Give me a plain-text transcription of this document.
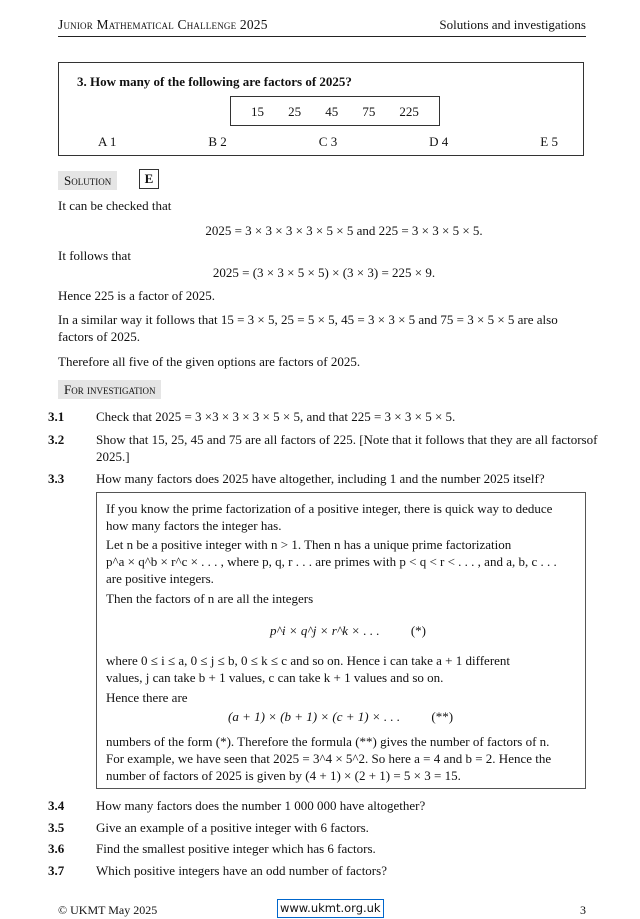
Junior Mathematical Challenge 2025	Solutions and investigations
3. How many of the following are factors of 2025?
15 25 45 75 225
A 1	B 2	C 3	D 4	E 5
Solution	E
It can be checked that
2025 = 3 × 3 × 3 × 3 × 5 × 5 and 225 = 3 × 3 × 5 × 5.
It follows that
2025 = (3 × 3 × 5 × 5) × (3 × 3) = 225 × 9.
Hence 225 is a factor of 2025.
In a similar way it follows that 15 = 3 × 5, 25 = 5 × 5, 45 = 3 × 3 × 5 and 75 = 3 × 5 × 5 are also factors of 2025.
Therefore all five of the given options are factors of 2025.
For investigation
3.1 Check that 2025 = 3 ×3 × 3 × 3 × 5 × 5, and that 225 = 3 × 3 × 5 × 5.
3.2 Show that 15, 25, 45 and 75 are all factors of 225. [Note that it follows that they are all factorsof 2025.]
3.3 How many factors does 2025 have altogether, including 1 and the number 2025 itself?
If you know the prime factorization of a positive integer, there is quick way to deduce how many factors the integer has.
Let n be a positive integer with n > 1. Then n has a unique prime factorization
p^a × q^b × r^c × . . . , where p, q, r . . . are primes with p < q < r < . . . , and a, b, c . . .
are positive integers.
Then the factors of n are all the integers
p^i × q^j × r^k × . . . (*)
where 0 ≤ i ≤ a, 0 ≤ j ≤ b, 0 ≤ k ≤ c and so on. Hence i can take a + 1 different
values, j can take b + 1 values, c can take k + 1 values and so on.
Hence there are
(a + 1) × (b + 1) × (c + 1) × . . . (**)
numbers of the form (*). Therefore the formula (**) gives the number of factors of n.
For example, we have seen that 2025 = 3^4 × 5^2. So here a = 4 and b = 2. Hence the
number of factors of 2025 is given by (4 + 1) × (2 + 1) = 5 × 3 = 15.
3.4 How many factors does the number 1 000 000 have altogether?
3.5 Give an example of a positive integer with 6 factors.
3.6 Find the smallest positive integer which has 6 factors.
3.7 Which positive integers have an odd number of factors?
© UKMT May 2025	www.ukmt.org.uk	3
